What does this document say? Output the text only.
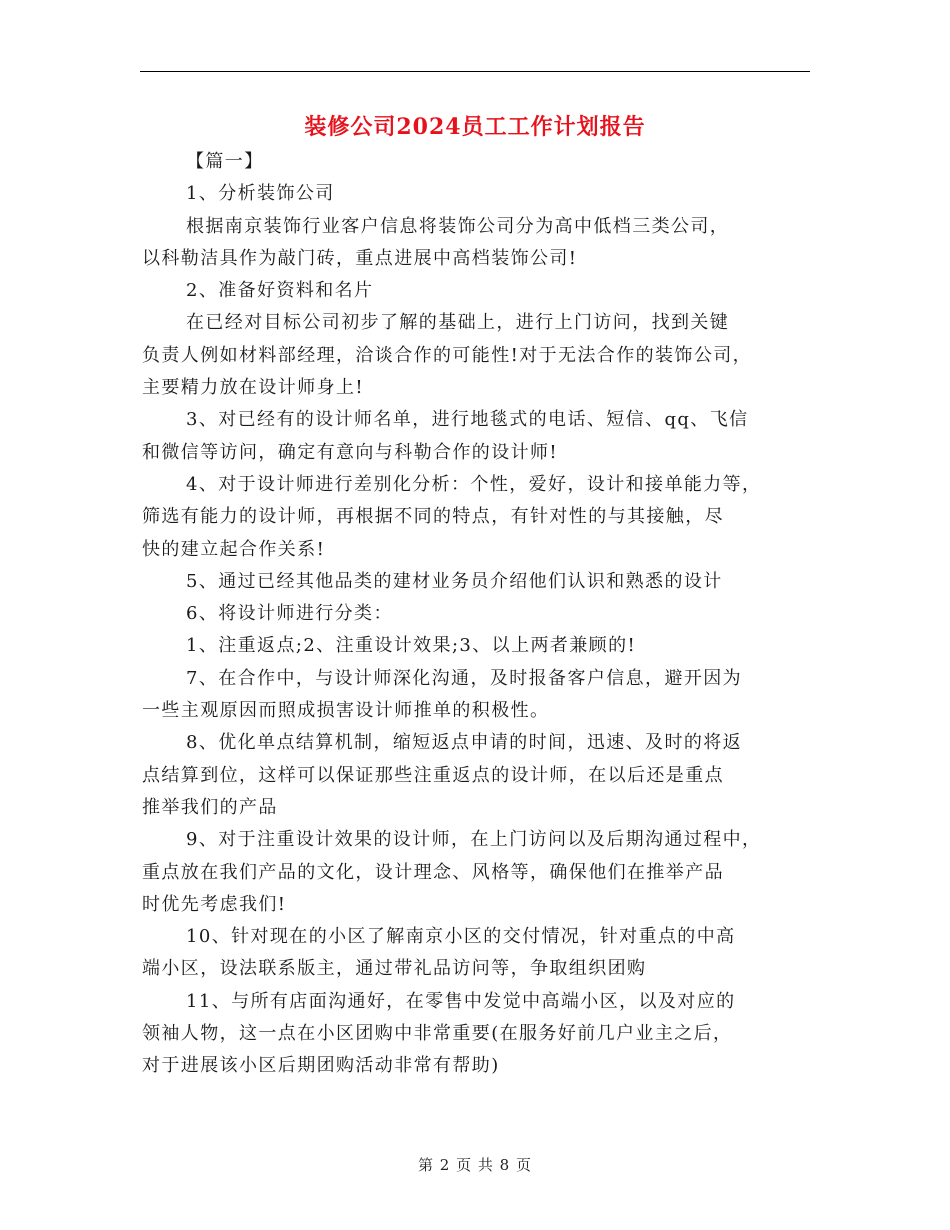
装修公司2024员工工作计划报告
【篇一】
1、分析装饰公司
根据南京装饰行业客户信息将装饰公司分为高中低档三类公司，
以科勒洁具作为敲门砖，重点进展中高档装饰公司!
2、准备好资料和名片
在已经对目标公司初步了解的基础上，进行上门访问，找到关键
负责人例如材料部经理，洽谈合作的可能性!对于无法合作的装饰公司，
主要精力放在设计师身上!
3、对已经有的设计师名单，进行地毯式的电话、短信、qq、飞信
和微信等访问，确定有意向与科勒合作的设计师!
4、对于设计师进行差别化分析：个性，爱好，设计和接单能力等，
筛选有能力的设计师，再根据不同的特点，有针对性的与其接触，尽
快的建立起合作关系!
5、通过已经其他品类的建材业务员介绍他们认识和熟悉的设计
6、将设计师进行分类：
1、注重返点;2、注重设计效果;3、以上两者兼顾的!
7、在合作中，与设计师深化沟通，及时报备客户信息，避开因为
一些主观原因而照成损害设计师推单的积极性。
8、优化单点结算机制，缩短返点申请的时间，迅速、及时的将返
点结算到位，这样可以保证那些注重返点的设计师，在以后还是重点
推举我们的产品
9、对于注重设计效果的设计师，在上门访问以及后期沟通过程中，
重点放在我们产品的文化，设计理念、风格等，确保他们在推举产品
时优先考虑我们!
10、针对现在的小区了解南京小区的交付情况，针对重点的中高
端小区，设法联系版主，通过带礼品访问等，争取组织团购
11、与所有店面沟通好，在零售中发觉中高端小区，以及对应的
领袖人物，这一点在小区团购中非常重要(在服务好前几户业主之后，
对于进展该小区后期团购活动非常有帮助)
第 2 页 共 8 页
